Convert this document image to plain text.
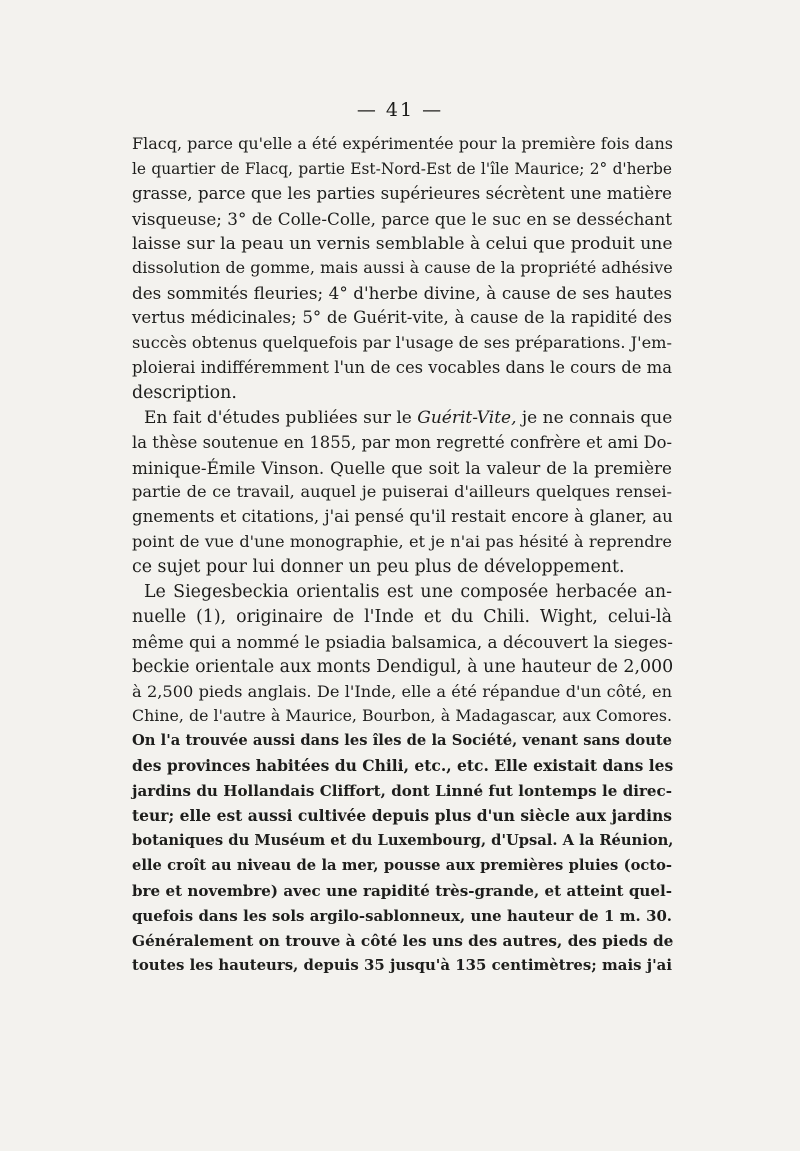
— 41 —
Flacq, parce qu'elle a été expérimentée pour la première fois dans
le quartier de Flacq, partie Est-Nord-Est de l'île Maurice; 2° d'herbe
grasse, parce que les parties supérieures sécrètent une matière
visqueuse; 3° de Colle-Colle, parce que le suc en se desséchant
laisse sur la peau un vernis semblable à celui que produit une
dissolution de gomme, mais aussi à cause de la propriété adhésive
des sommités fleuries; 4° d'herbe divine, à cause de ses hautes
vertus médicinales; 5° de Guérit-vite, à cause de la rapidité des
succès obtenus quelquefois par l'usage de ses préparations. J'em-
ploierai indifféremment l'un de ces vocables dans le cours de ma
description.
En fait d'études publiées sur le Guérit-Vite, je ne connais que
la thèse soutenue en 1855, par mon regretté confrère et ami Do-
minique-Émile Vinson. Quelle que soit la valeur de la première
partie de ce travail, auquel je puiserai d'ailleurs quelques rensei-
gnements et citations, j'ai pensé qu'il restait encore à glaner, au
point de vue d'une monographie, et je n'ai pas hésité à reprendre
ce sujet pour lui donner un peu plus de développement.
Le Siegesbeckia orientalis est une composée herbacée an-
nuelle (1), originaire de l'Inde et du Chili. Wight, celui-là
même qui a nommé le psiadia balsamica, a découvert la sieges-
beckie orientale aux monts Dendigul, à une hauteur de 2,000
à 2,500 pieds anglais. De l'Inde, elle a été répandue d'un côté, en
Chine, de l'autre à Maurice, Bourbon, à Madagascar, aux Comores.
On l'a trouvée aussi dans les îles de la Société, venant sans doute
des provinces habitées du Chili, etc., etc. Elle existait dans les
jardins du Hollandais Cliffort, dont Linné fut lontemps le direc-
teur; elle est aussi cultivée depuis plus d'un siècle aux jardins
botaniques du Muséum et du Luxembourg, d'Upsal. A la Réunion,
elle croît au niveau de la mer, pousse aux premières pluies (octo-
bre et novembre) avec une rapidité très-grande, et atteint quel-
quefois dans les sols argilo-sablonneux, une hauteur de 1 m. 30.
Généralement on trouve à côté les uns des autres, des pieds de
toutes les hauteurs, depuis 35 jusqu'à 135 centimètres; mais j'ai
